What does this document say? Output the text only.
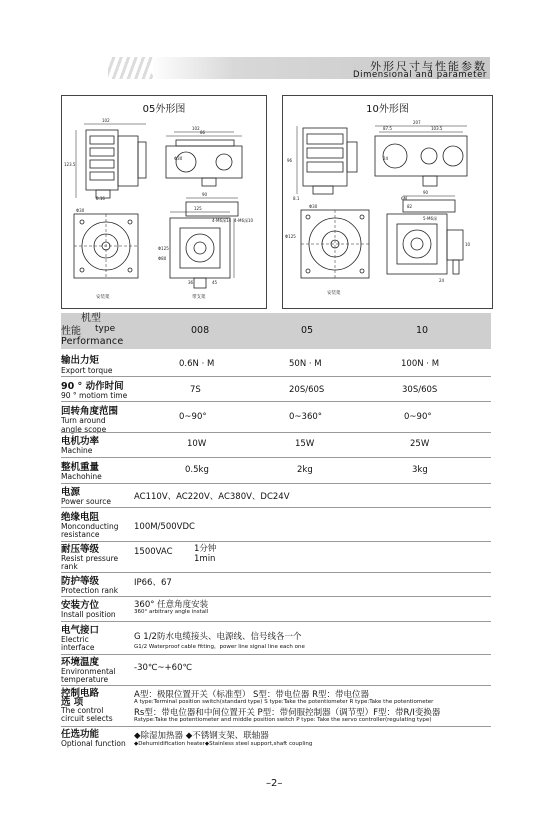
外形尺寸与性能参数
Dimensional and parameter
05外形图
102
123.5
102
86
Φ30
90
125
4-M6深14 4-M6深10
Φ125
Φ80
Φ30
8.16
36	45
安装架	带支架
10外形图
207
87.5	103.5
96	24
90
82
5-M6深
Φ125
Φ30
8.1	6M
24
10
安装架
性能
机型
type
Performance
008	05	10
输出力矩
Export torque
0.6N · M	50N · M	100N · M
90 ° 动作时间
90 ° motiom time
7S	20S/60S	30S/60S
回转角度范围
Turn around angle scope
0~90°	0~360°	0~90°
电机功率
Machine
10W	15W	25W
整机重量
Machohine
0.5kg	2kg	3kg
电源
Power source	AC110V、AC220V、AC380V、DC24V
绝缘电阻
Monconducting
resistance
100M/500VDC
耐压等级
Resist pressure
rank
1500VAC	1分钟
1min
防护等级
Protection rank
IP66、67
安装方位
Install position
360° 任意角度安装
360° arbitrary angle install
电气接口
Electric
interface
G 1/2防水电缆接头、电源线、信号线各一个
G1/2 Waterproof cable fitting，power line signal line each one
环境温度
Environmental
temperature
-30℃~+60℃
控制电路
选 项
The control
circuit selects
A型：极限位置开关（标准型） S型：带电位器 R型：带电位器
A type:Terminal position switch(standard type) S type:Take the potentiometer R type:Take the potentiometer
Rs型：带电位器和中间位置开关 P型：带伺服控制器（调节型）F型：带R/I变换器
Rstype:Take the potentiometer and middle position switch P type: Take the servo controller(regulating type)
任选功能
Optional function
◆除湿加热器 ◆不锈钢支架、联轴器
◆Dehumidification heater◆Stainless steel support,shaft coupling
–2–
